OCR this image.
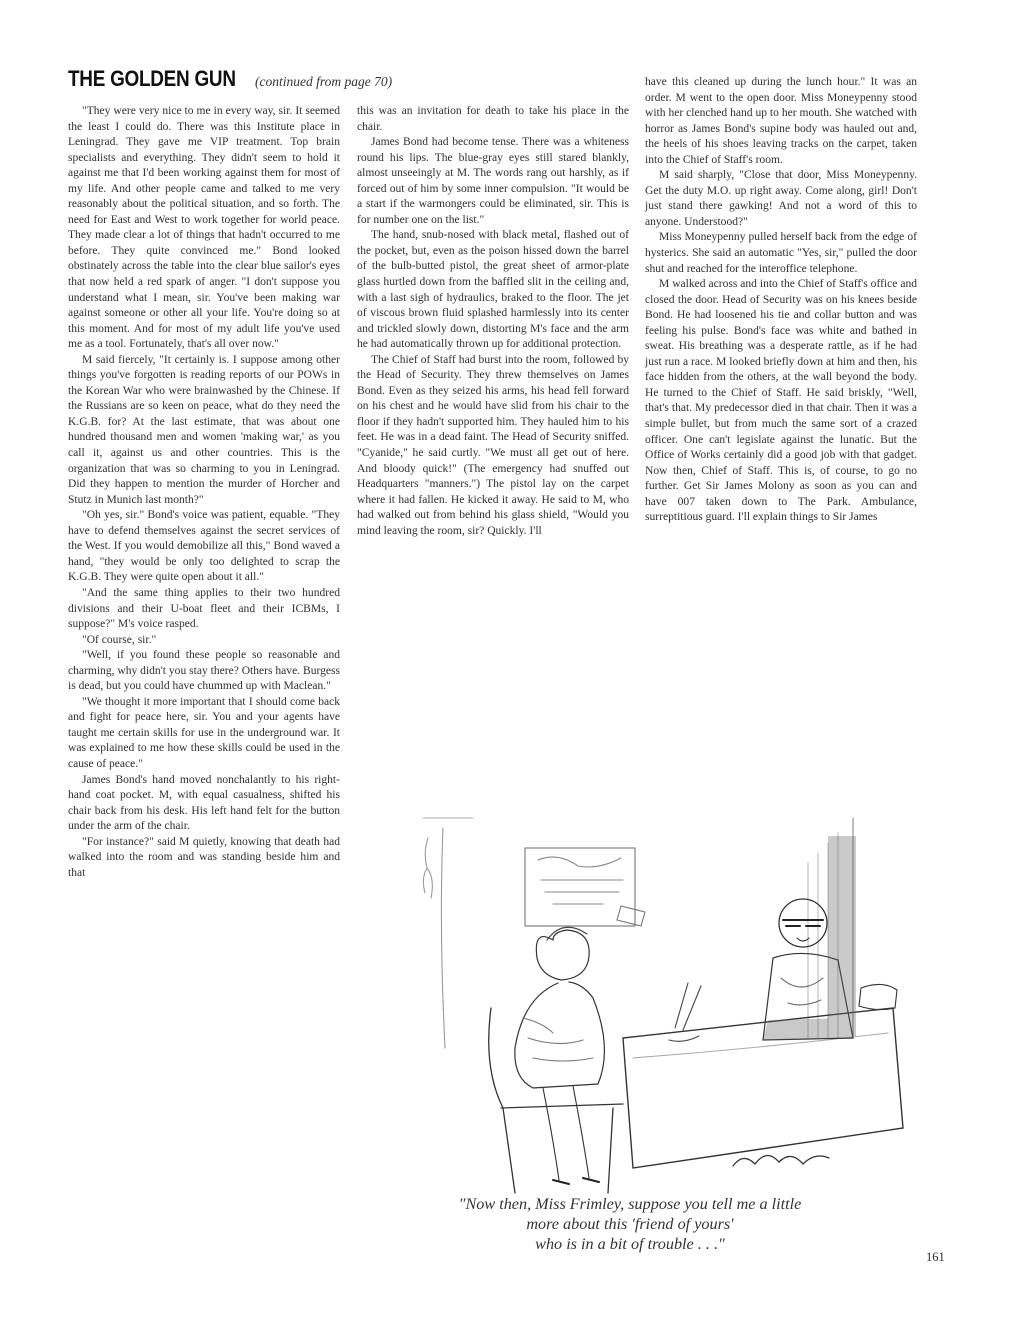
THE GOLDEN GUN (continued from page 70)

"They were very nice to me in every way, sir. It seemed the least I could do. There was this Institute place in Leningrad. They gave me VIP treatment. Top brain specialists and everything. They didn't seem to hold it against me that I'd been working against them for most of my life. And other people came and talked to me very reasonably about the political situation, and so forth. The need for East and West to work together for world peace. They made clear a lot of things that hadn't occurred to me before. They quite convinced me." Bond looked obstinately across the table into the clear blue sailor's eyes that now held a red spark of anger. "I don't suppose you understand what I mean, sir. You've been making war against someone or other all your life. You're doing so at this moment. And for most of my adult life you've used me as a tool. Fortunately, that's all over now."

M said fiercely, "It certainly is. I suppose among other things you've forgotten is reading reports of our POWs in the Korean War who were brainwashed by the Chinese. If the Russians are so keen on peace, what do they need the K.G.B. for? At the last estimate, that was about one hundred thousand men and women 'making war,' as you call it, against us and other countries. This is the organization that was so charming to you in Leningrad. Did they happen to mention the murder of Horcher and Stutz in Munich last month?"

"Oh yes, sir." Bond's voice was patient, equable. "They have to defend themselves against the secret services of the West. If you would demobilize all this," Bond waved a hand, "they would be only too delighted to scrap the K.G.B. They were quite open about it all."

"And the same thing applies to their two hundred divisions and their U-boat fleet and their ICBMs, I suppose?" M's voice rasped.

"Of course, sir."

"Well, if you found these people so reasonable and charming, why didn't you stay there? Others have. Burgess is dead, but you could have chummed up with Maclean."

"We thought it more important that I should come back and fight for peace here, sir. You and your agents have taught me certain skills for use in the underground war. It was explained to me how these skills could be used in the cause of peace."

James Bond's hand moved nonchalantly to his right-hand coat pocket. M, with equal casualness, shifted his chair back from his desk. His left hand felt for the button under the arm of the chair.

"For instance?" said M quietly, knowing that death had walked into the room and was standing beside him and that

this was an invitation for death to take his place in the chair.

James Bond had become tense. There was a whiteness round his lips. The blue-gray eyes still stared blankly, almost unseeingly at M. The words rang out harshly, as if forced out of him by some inner compulsion. "It would be a start if the warmongers could be eliminated, sir. This is for number one on the list."

The hand, snub-nosed with black metal, flashed out of the pocket, but, even as the poison hissed down the barrel of the bulb-butted pistol, the great sheet of armor-plate glass hurtled down from the baffled slit in the ceiling and, with a last sigh of hydraulics, braked to the floor. The jet of viscous brown fluid splashed harmlessly into its center and trickled slowly down, distorting M's face and the arm he had automatically thrown up for additional protection.

The Chief of Staff had burst into the room, followed by the Head of Security. They threw themselves on James Bond. Even as they seized his arms, his head fell forward on his chest and he would have slid from his chair to the floor if they hadn't supported him. They hauled him to his feet. He was in a dead faint. The Head of Security sniffed. "Cyanide," he said curtly. "We must all get out of here. And bloody quick!" (The emergency had snuffed out Headquarters "manners.") The pistol lay on the carpet where it had fallen. He kicked it away. He said to M, who had walked out from behind his glass shield, "Would you mind leaving the room, sir? Quickly. I'll

have this cleaned up during the lunch hour." It was an order. M went to the open door. Miss Moneypenny stood with her clenched hand up to her mouth. She watched with horror as James Bond's supine body was hauled out and, the heels of his shoes leaving tracks on the carpet, taken into the Chief of Staff's room.

M said sharply, "Close that door, Miss Moneypenny. Get the duty M.O. up right away. Come along, girl! Don't just stand there gawking! And not a word of this to anyone. Understood?"

Miss Moneypenny pulled herself back from the edge of hysterics. She said an automatic "Yes, sir," pulled the door shut and reached for the interoffice telephone.

M walked across and into the Chief of Staff's office and closed the door. Head of Security was on his knees beside Bond. He had loosened his tie and collar button and was feeling his pulse. Bond's face was white and bathed in sweat. His breathing was a desperate rattle, as if he had just run a race. M looked briefly down at him and then, his face hidden from the others, at the wall beyond the body. He turned to the Chief of Staff. He said briskly, "Well, that's that. My predecessor died in that chair. Then it was a simple bullet, but from much the same sort of a crazed officer. One can't legislate against the lunatic. But the Office of Works certainly did a good job with that gadget. Now then, Chief of Staff. This is, of course, to go no further. Get Sir James Molony as soon as you can and have 007 taken down to The Park. Ambulance, surreptitious guard. I'll explain things to Sir James

"Now then, Miss Frimley, suppose you tell me a little
more about this 'friend of yours'
who is in a bit of trouble . . ."
161
